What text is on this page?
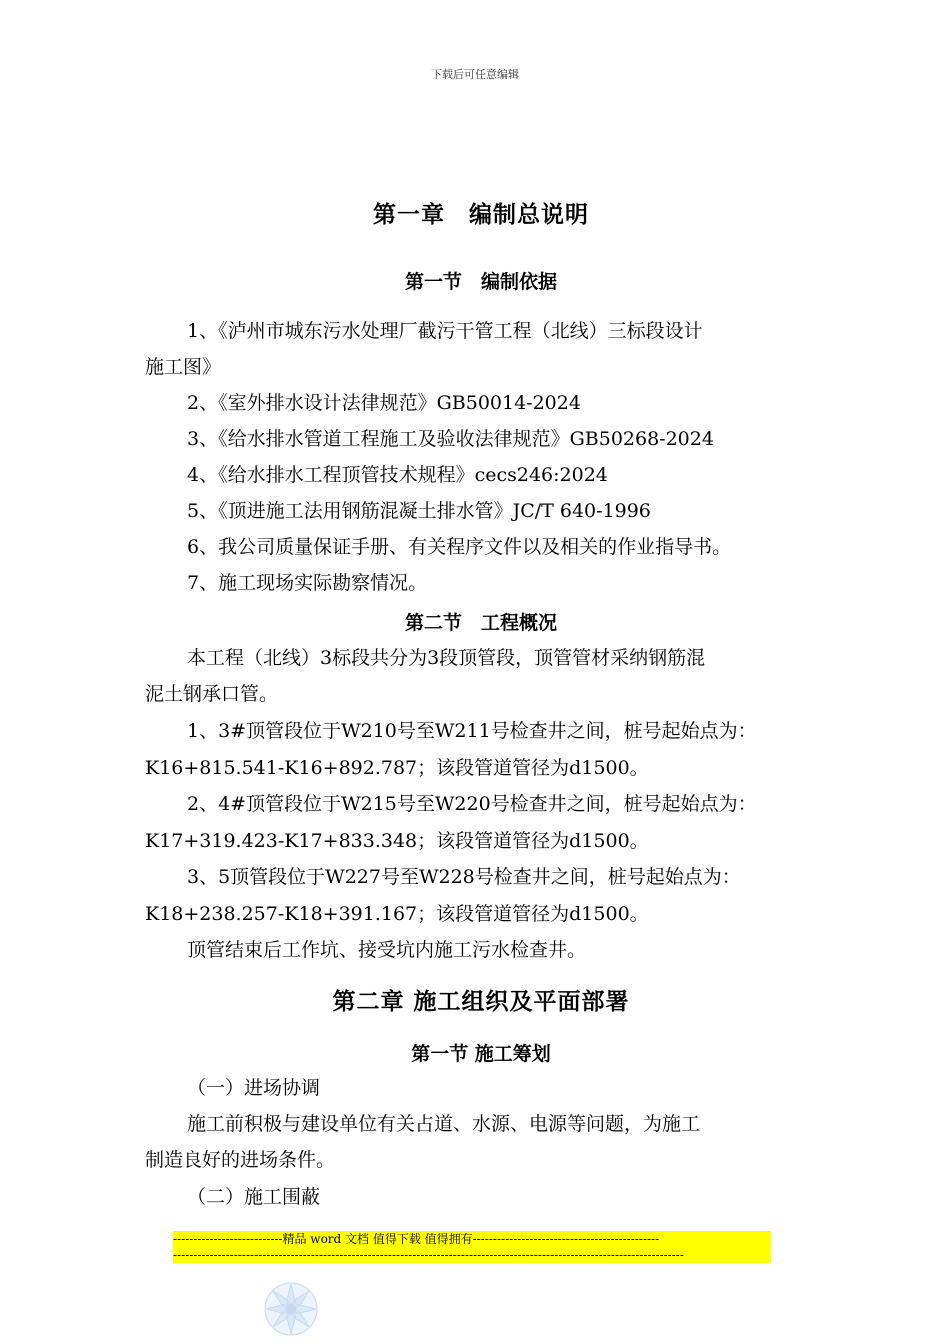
下载后可任意编辑
第一章　编制总说明
第一节　编制依据
1、《泸州市城东污水处理厂截污干管工程（北线）三标段设计
施工图》
2、《室外排水设计法律规范》GB50014-2024
3、《给水排水管道工程施工及验收法律规范》GB50268-2024
4、《给水排水工程顶管技术规程》cecs246:2024
5、《顶进施工法用钢筋混凝土排水管》JC/T 640-1996
6、我公司质量保证手册、有关程序文件以及相关的作业指导书。
7、施工现场实际勘察情况。
第二节　工程概况
本工程（北线）3标段共分为3段顶管段，顶管管材采纳钢筋混
泥土钢承口管。
1、3#顶管段位于W210号至W211号检查井之间，桩号起始点为：
K16+815.541-K16+892.787；该段管道管径为d1500。
2、4#顶管段位于W215号至W220号检查井之间，桩号起始点为：
K17+319.423-K17+833.348；该段管道管径为d1500。
3、5顶管段位于W227号至W228号检查井之间，桩号起始点为：
K18+238.257-K18+391.167；该段管道管径为d1500。
顶管结束后工作坑、接受坑内施工污水检查井。
第二章 施工组织及平面部署
第一节 施工筹划
（一）进场协调
施工前积极与建设单位有关占道、水源、电源等问题，为施工
制造良好的进场条件。
（二）施工围蔽
---------------------------精品 word 文档 值得下载 值得拥有----------------------------------------------
------------------------------------------------------------------------------------------------------------------------------
